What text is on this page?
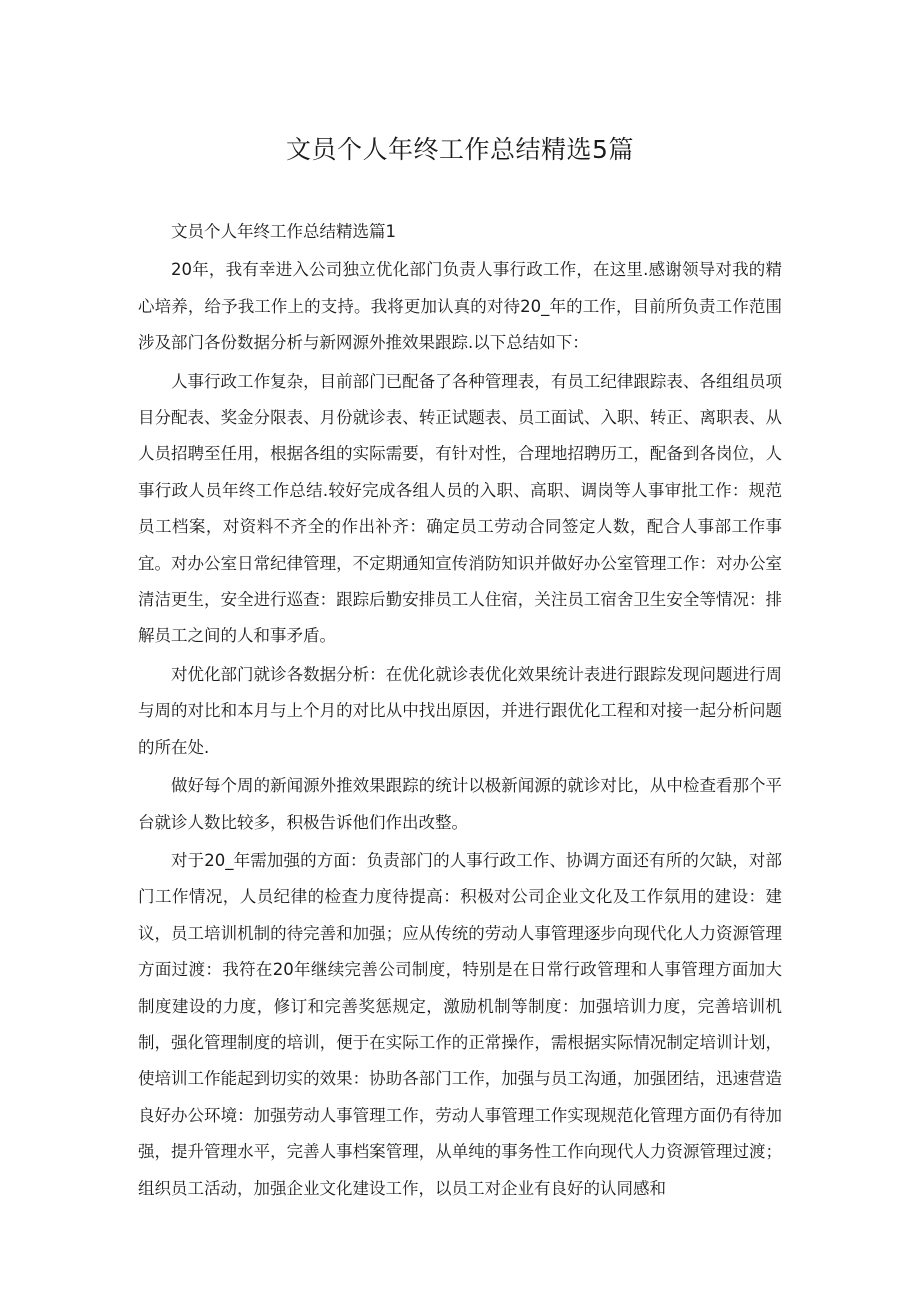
文员个人年终工作总结精选5篇

文员个人年终工作总结精选篇1

20年，我有幸进入公司独立优化部门负责人事行政工作，在这里.感谢领导对我的精心培养，给予我工作上的支持。我将更加认真的对待20_年的工作，目前所负责工作范围涉及部门各份数据分析与新网源外推效果跟踪.以下总结如下：

人事行政工作复杂，目前部门已配备了各种管理表，有员工纪律跟踪表、各组组员项目分配表、奖金分限表、月份就诊表、转正试题表、员工面试、入职、转正、离职表、从人员招聘至任用，根据各组的实际需要，有针对性，合理地招聘历工，配备到各岗位，人事行政人员年终工作总结.较好完成各组人员的入职、高职、调岗等人事审批工作：规范员工档案，对资料不齐全的作出补齐：确定员工劳动合同签定人数，配合人事部工作事宜。对办公室日常纪律管理，不定期通知宣传消防知识并做好办公室管理工作：对办公室清洁更生，安全进行巡查：跟踪后勤安排员工人住宿，关注员工宿舍卫生安全等情况：排解员工之间的人和事矛盾。

对优化部门就诊各数据分析：在优化就诊表优化效果统计表进行跟踪发现问题进行周与周的对比和本月与上个月的对比从中找出原因，并进行跟优化工程和对接一起分析问题的所在处.

做好每个周的新闻源外推效果跟踪的统计以极新闻源的就诊对比，从中检查看那个平台就诊人数比较多，积极告诉他们作出改整。

对于20_年需加强的方面：负责部门的人事行政工作、协调方面还有所的欠缺，对部门工作情况，人员纪律的检查力度待提高：积极对公司企业文化及工作氛用的建设：建议，员工培训机制的待完善和加强；应从传统的劳动人事管理逐步向现代化人力资源管理方面过渡：我符在20年继续完善公司制度，特别是在日常行政管理和人事管理方面加大制度建设的力度，修订和完善奖惩规定，激励机制等制度：加强培训力度，完善培训机制，强化管理制度的培训，便于在实际工作的正常操作，需根据实际情况制定培训计划，使培训工作能起到切实的效果：协助各部门工作，加强与员工沟通，加强团结，迅速营造良好办公环境：加强劳动人事管理工作，劳动人事管理工作实现规范化管理方面仍有待加强，提升管理水平，完善人事档案管理，从单纯的事务性工作向现代人力资源管理过渡；组织员工活动，加强企业文化建设工作，以员工对企业有良好的认同感和
